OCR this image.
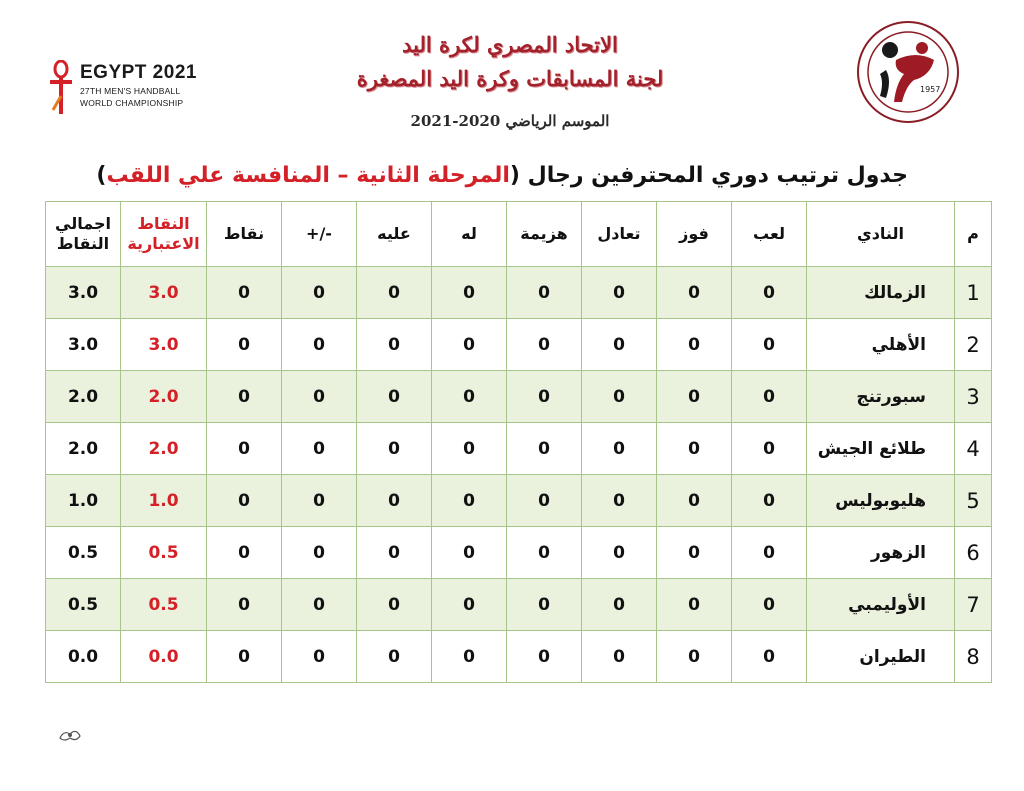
EGYPT 2021
27TH MEN'S HANDBALL
WORLD CHAMPIONSHIP
الاتحاد المصري لكرة اليد
لجنة المسابقات وكرة اليد المصغرة
الموسم الرياضي 2020-2021
1957
جدول ترتيب دوري المحترفين رجال (المرحلة الثانية – المنافسة علي اللقب)
م	النادي	لعب	فوز	تعادل	هزيمة	له	عليه	-/+	نقاط	النقاط الاعتبارية	اجمالي النقاط
1	الزمالك	0	0	0	0	0	0	0	0	3.0	3.0
2	الأهلي	0	0	0	0	0	0	0	0	3.0	3.0
3	سبورتنج	0	0	0	0	0	0	0	0	2.0	2.0
4	طلائع الجيش	0	0	0	0	0	0	0	0	2.0	2.0
5	هليوبوليس	0	0	0	0	0	0	0	0	1.0	1.0
6	الزهور	0	0	0	0	0	0	0	0	0.5	0.5
7	الأوليمبي	0	0	0	0	0	0	0	0	0.5	0.5
8	الطيران	0	0	0	0	0	0	0	0	0.0	0.0
